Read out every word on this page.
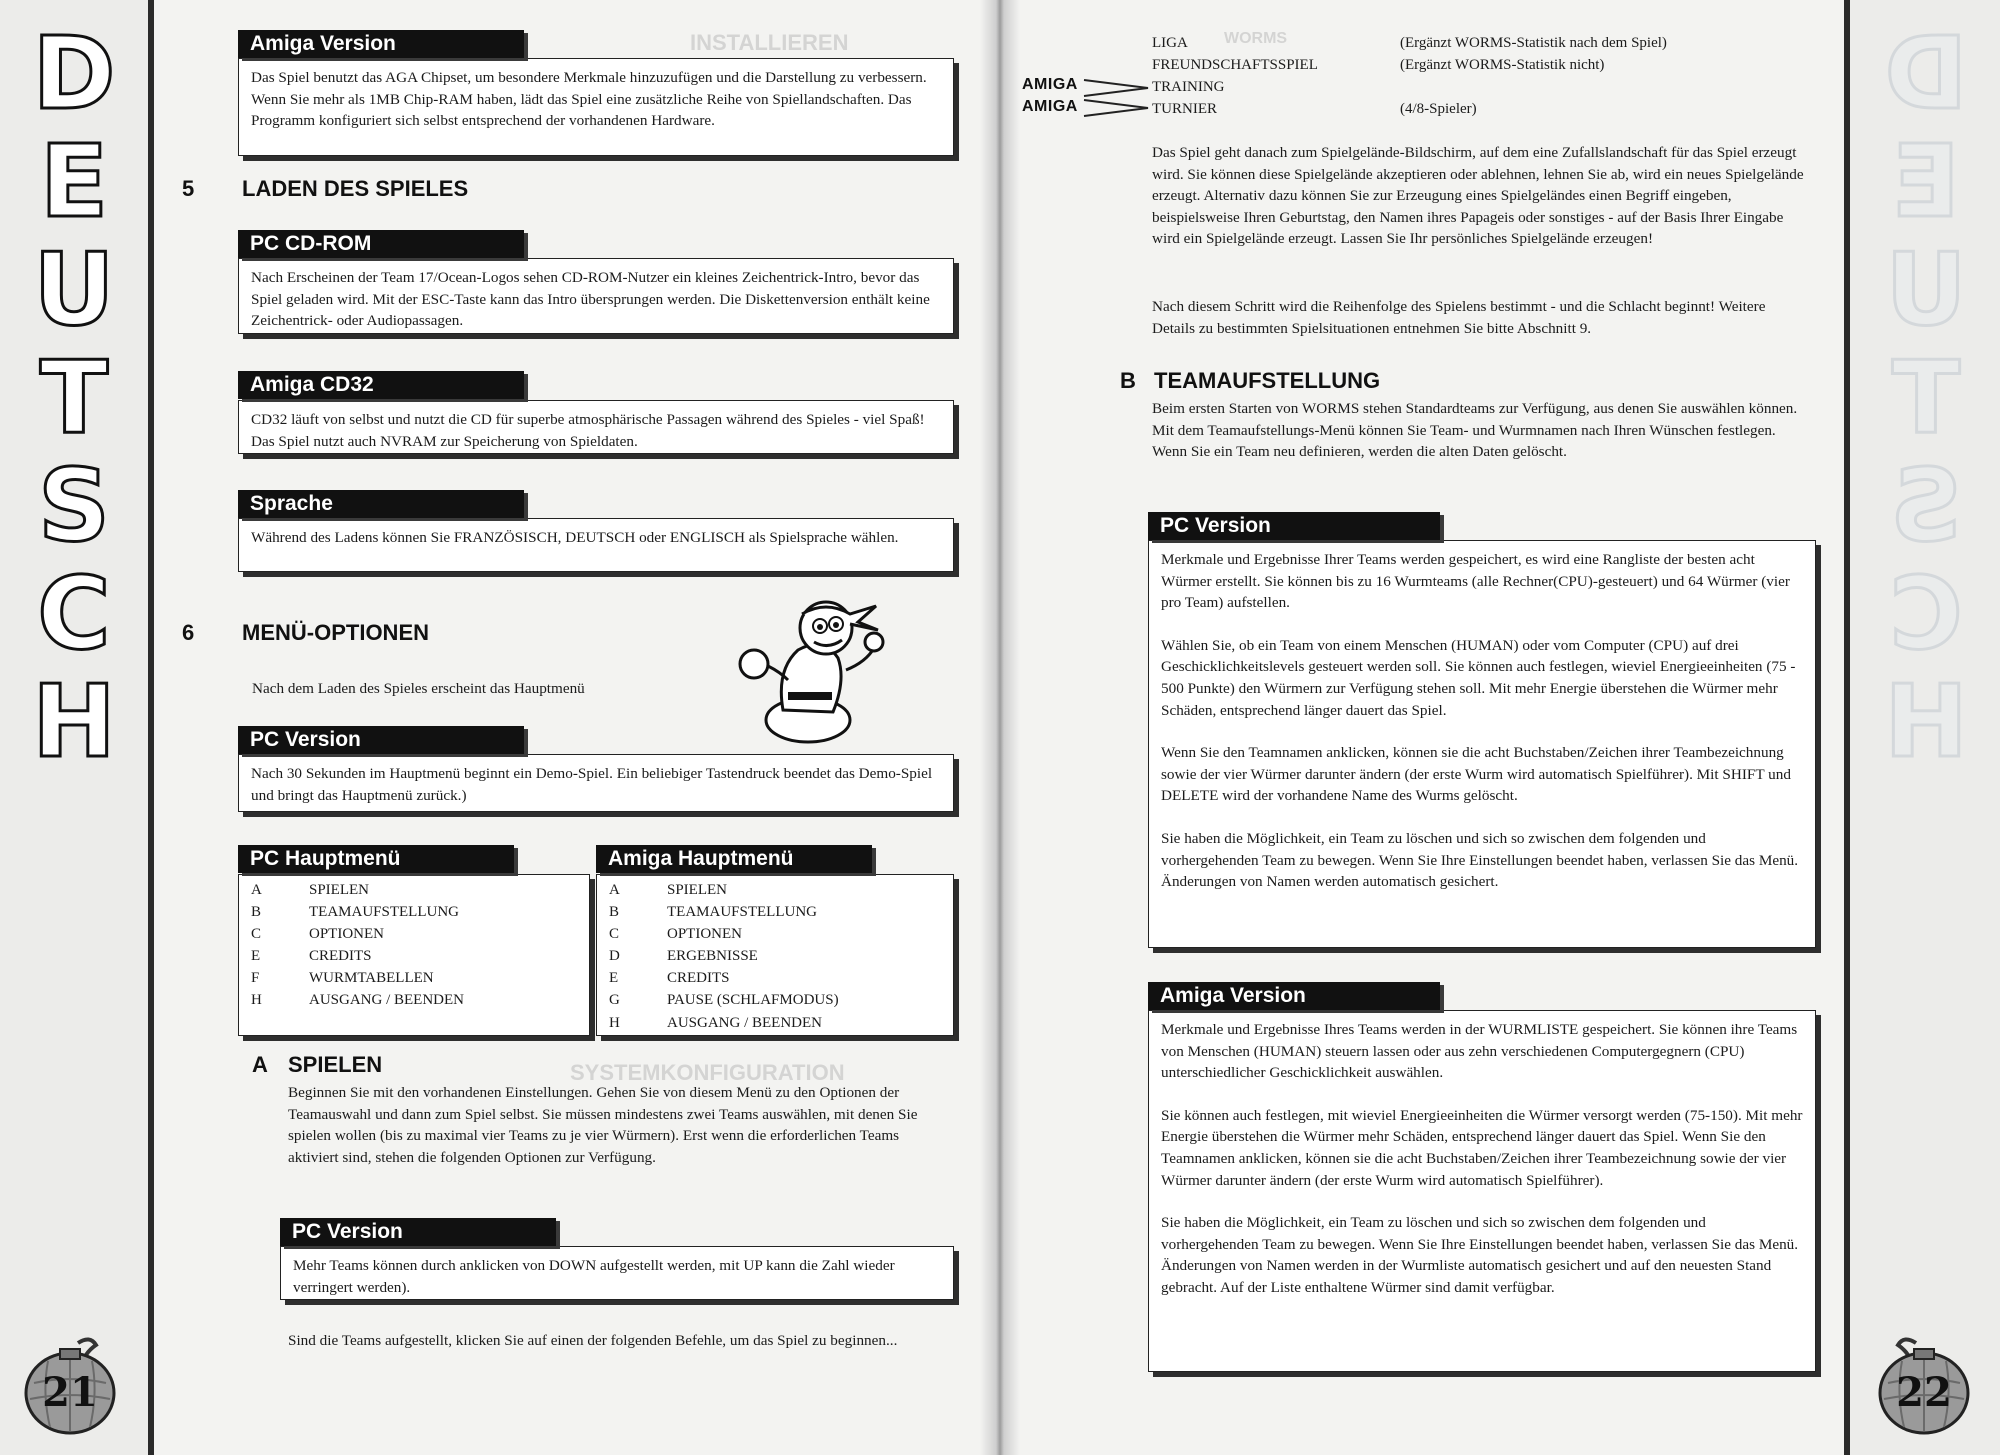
D
E
U
T
S
C
H
21
INSTALLIEREN
SYSTEMKONFIGURATION
Das Spiel benutzt das AGA Chipset, um besondere Merkmale hinzuzufügen und die Darstellung zu verbessern. Wenn Sie mehr als 1MB Chip-RAM haben, lädt das Spiel eine zusätzliche Reihe von Spiellandschaften. Das Programm konfiguriert sich selbst entsprechend der vorhandenen Hardware.
Amiga Version
5 LADEN DES SPIELES
Nach Erscheinen der Team 17/Ocean-Logos sehen CD-ROM-Nutzer ein kleines Zeichentrick-Intro, bevor das Spiel geladen wird. Mit der ESC-Taste kann das Intro übersprungen werden. Die Diskettenversion enthält keine Zeichentrick- oder Audiopassagen.
PC CD-ROM
CD32 läuft von selbst und nutzt die CD für superbe atmosphärische Passagen während des Spieles - viel Spaß! Das Spiel nutzt auch NVRAM zur Speicherung von Spieldaten.
Amiga CD32
Während des Ladens können Sie FRANZÖSISCH, DEUTSCH oder ENGLISCH als Spielsprache wählen.
Sprache
6 MENÜ-OPTIONEN
Nach dem Laden des Spieles erscheint das Hauptmenü
Nach 30 Sekunden im Hauptmenü beginnt ein Demo-Spiel. Ein beliebiger Tastendruck beendet das Demo-Spiel und bringt das Hauptmenü zurück.)
PC Version
A	SPIELEN
B	TEAMAUFSTELLUNG
C	OPTIONEN
E	CREDITS
F	WURMTABELLEN
H	AUSGANG / BEENDEN
PC Hauptmenü
A	SPIELEN
B	TEAMAUFSTELLUNG
C	OPTIONEN
D	ERGEBNISSE
E	CREDITS
G	PAUSE (SCHLAFMODUS)
H	AUSGANG / BEENDEN
Amiga Hauptmenü
A SPIELEN
Beginnen Sie mit den vorhandenen Einstellungen. Gehen Sie von diesem Menü zu den Optionen der Teamauswahl und dann zum Spiel selbst. Sie müssen mindestens zwei Teams auswählen, mit denen Sie spielen wollen (bis zu maximal vier Teams zu je vier Würmern). Erst wenn die erforderlichen Teams aktiviert sind, stehen die folgenden Optionen zur Verfügung.
Mehr Teams können durch anklicken von DOWN aufgestellt werden, mit UP kann die Zahl wieder verringert werden).
PC Version
Sind die Teams aufgestellt, klicken Sie auf einen der folgenden Befehle, um das Spiel zu beginnen...
D
E
U
T
S
C
H
22
WORMS
AMIGA
AMIGA
LIGA	(Ergänzt WORMS-Statistik nach dem Spiel)
FREUNDSCHAFTSSPIEL	(Ergänzt WORMS-Statistik nicht)
TRAINING
TURNIER	(4/8-Spieler)
Das Spiel geht danach zum Spielgelände-Bildschirm, auf dem eine Zufallslandschaft für das Spiel erzeugt wird. Sie können diese Spielgelände akzeptieren oder ablehnen, lehnen Sie ab, wird ein neues Spielgelände erzeugt. Alternativ dazu können Sie zur Erzeugung eines Spielgeländes einen Begriff eingeben, beispielsweise Ihren Geburtstag, den Namen ihres Papageis oder sonstiges - auf der Basis Ihrer Eingabe wird ein Spielgelände erzeugt. Lassen Sie Ihr persönliches Spielgelände erzeugen!
Nach diesem Schritt wird die Reihenfolge des Spielens bestimmt - und die Schlacht beginnt! Weitere Details zu bestimmten Spielsituationen entnehmen Sie bitte Abschnitt 9.
B TEAMAUFSTELLUNG
Beim ersten Starten von WORMS stehen Standardteams zur Verfügung, aus denen Sie auswählen können. Mit dem Teamaufstellungs-Menü können Sie Team- und Wurmnamen nach Ihren Wünschen festlegen. Wenn Sie ein Team neu definieren, werden die alten Daten gelöscht.
Merkmale und Ergebnisse Ihrer Teams werden gespeichert, es wird eine Rangliste der besten acht Würmer erstellt. Sie können bis zu 16 Wurmteams (alle Rechner(CPU)-gesteuert) und 64 Würmer (vier pro Team) aufstellen.
Wählen Sie, ob ein Team von einem Menschen (HUMAN) oder vom Computer (CPU) auf drei Geschicklichkeitslevels gesteuert werden soll. Sie können auch festlegen, wieviel Energieeinheiten (75 - 500 Punkte) den Würmern zur Verfügung stehen soll. Mit mehr Energie überstehen die Würmer mehr Schäden, entsprechend länger dauert das Spiel.
Wenn Sie den Teamnamen anklicken, können sie die acht Buchstaben/Zeichen ihrer Teambezeichnung sowie der vier Würmer darunter ändern (der erste Wurm wird automatisch Spielführer). Mit SHIFT und DELETE wird der vorhandene Name des Wurms gelöscht.
Sie haben die Möglichkeit, ein Team zu löschen und sich so zwischen dem folgenden und vorhergehenden Team zu bewegen. Wenn Sie Ihre Einstellungen beendet haben, verlassen Sie das Menü. Änderungen von Namen werden automatisch gesichert.
PC Version
Merkmale und Ergebnisse Ihres Teams werden in der WURMLISTE gespeichert. Sie können ihre Teams von Menschen (HUMAN) steuern lassen oder aus zehn verschiedenen Computergegnern (CPU) unterschiedlicher Geschicklichkeit auswählen.
Sie können auch festlegen, mit wieviel Energieeinheiten die Würmer versorgt werden (75-150). Mit mehr Energie überstehen die Würmer mehr Schäden, entsprechend länger dauert das Spiel. Wenn Sie den Teamnamen anklicken, können sie die acht Buchstaben/Zeichen ihrer Teambezeichnung sowie der vier Würmer darunter ändern (der erste Wurm wird automatisch Spielführer).
Sie haben die Möglichkeit, ein Team zu löschen und sich so zwischen dem folgenden und vorhergehenden Team zu bewegen. Wenn Sie Ihre Einstellungen beendet haben, verlassen Sie das Menü. Änderungen von Namen werden in der Wurmliste automatisch gesichert und auf den neuesten Stand gebracht. Auf der Liste enthaltene Würmer sind damit verfügbar.
Amiga Version
